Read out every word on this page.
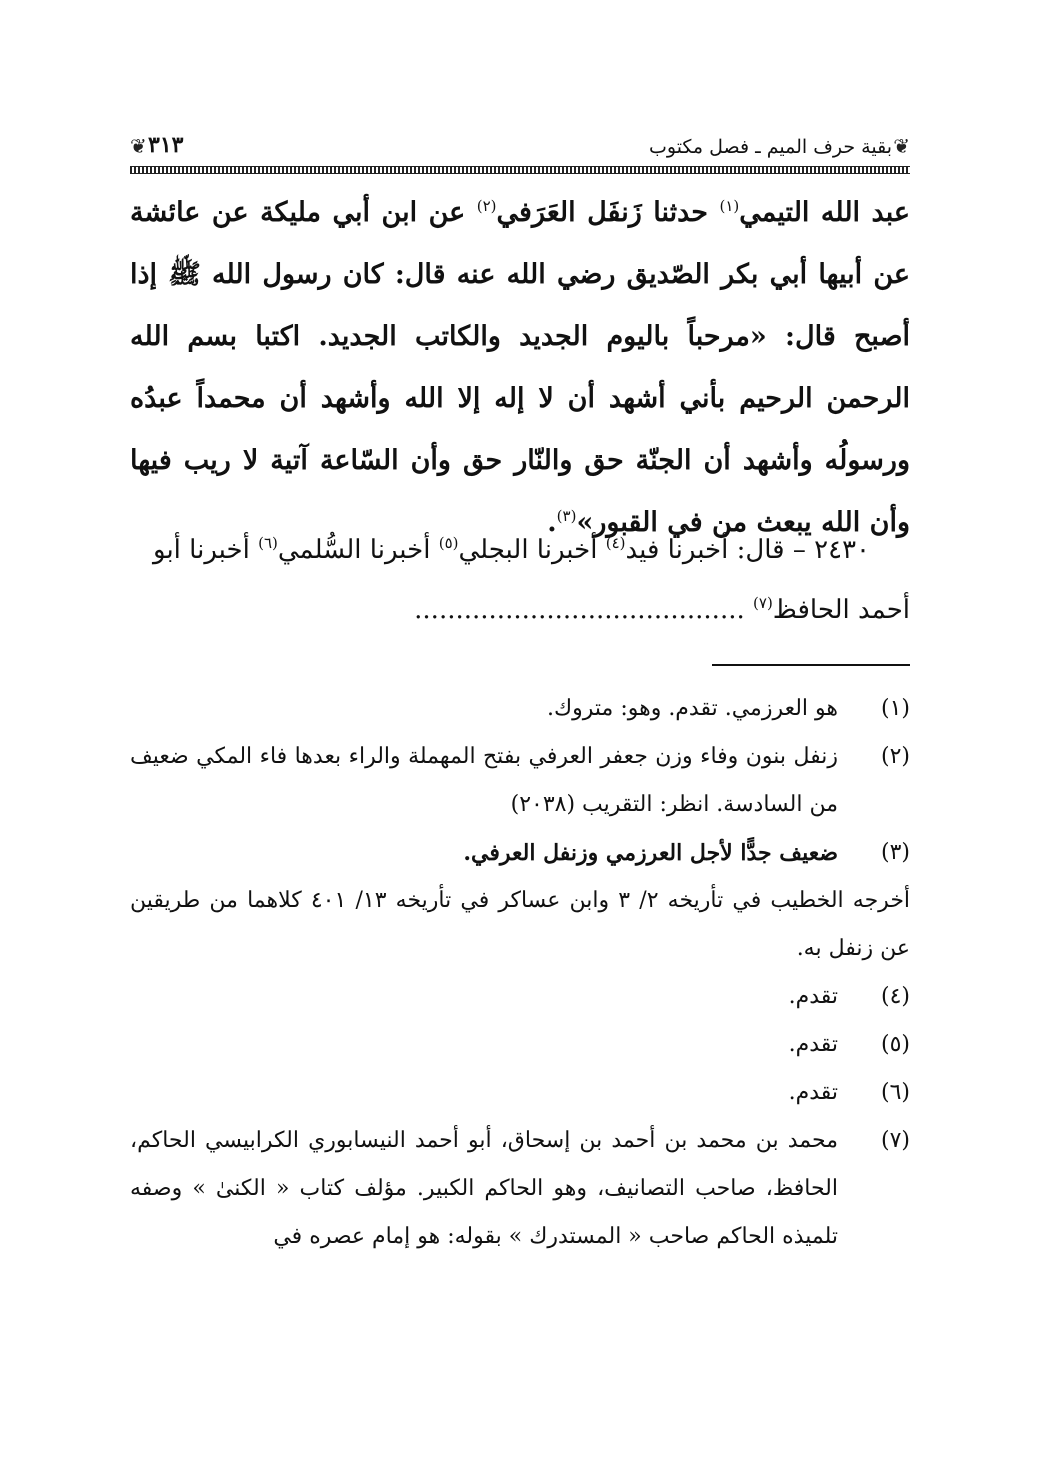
❦
بقية حرف الميم ـ فصل مكتوب
٣١٣
❦

عبد الله التيمي$^{(١)}$ حدثنا زَنفَل العَرَفي$^{(٢)}$ عن ابن أبي مليكة عن عائشة عن أبيها أبي بكر الصّديق رضي الله عنه قال: كان رسول الله ﷺ إذا أصبح قال: «مرحباً باليوم الجديد والكاتب الجديد. اكتبا بسم الله الرحمن الرحيم بأني أشهد أن لا إله إلا الله وأشهد أن محمداً عبدُه ورسولُه وأشهد أن الجنّة حق والنّار حق وأن السّاعة آتية لا ريب فيها وأن الله يبعث من في القبور»$^{(٣)}$.

٢٤٣٠ – قال: أخبرنا فيد$^{(٤)}$ أخبرنا البجلي$^{(٥)}$ أخبرنا السُّلمي$^{(٦)}$ أخبرنا أبو أحمد الحافظ$^{(٧)}$ ........................................

(١)
هو العرزمي. تقدم. وهو: متروك.
(٢)
زنفل بنون وفاء وزن جعفر العرفي بفتح المهملة والراء بعدها فاء المكي ضعيف من السادسة. انظر: التقريب (٢٠٣٨)
(٣)
ضعيف جدًّا لأجل العرزمي وزنفل العرفي.
أخرجه الخطيب في تأريخه ٢/ ٣ وابن عساكر في تأريخه ١٣/ ٤٠١ كلاهما من طريقين عن زنفل به.
(٤)
تقدم.
(٥)
تقدم.
(٦)
تقدم.
(٧)
محمد بن محمد بن أحمد بن إسحاق، أبو أحمد النيسابوري الكرابيسي الحاكم، الحافظ، صاحب التصانيف، وهو الحاكم الكبير. مؤلف كتاب « الكنىٰ » وصفه تلميذه الحاكم صاحب « المستدرك » بقوله: هو إمام عصره في
